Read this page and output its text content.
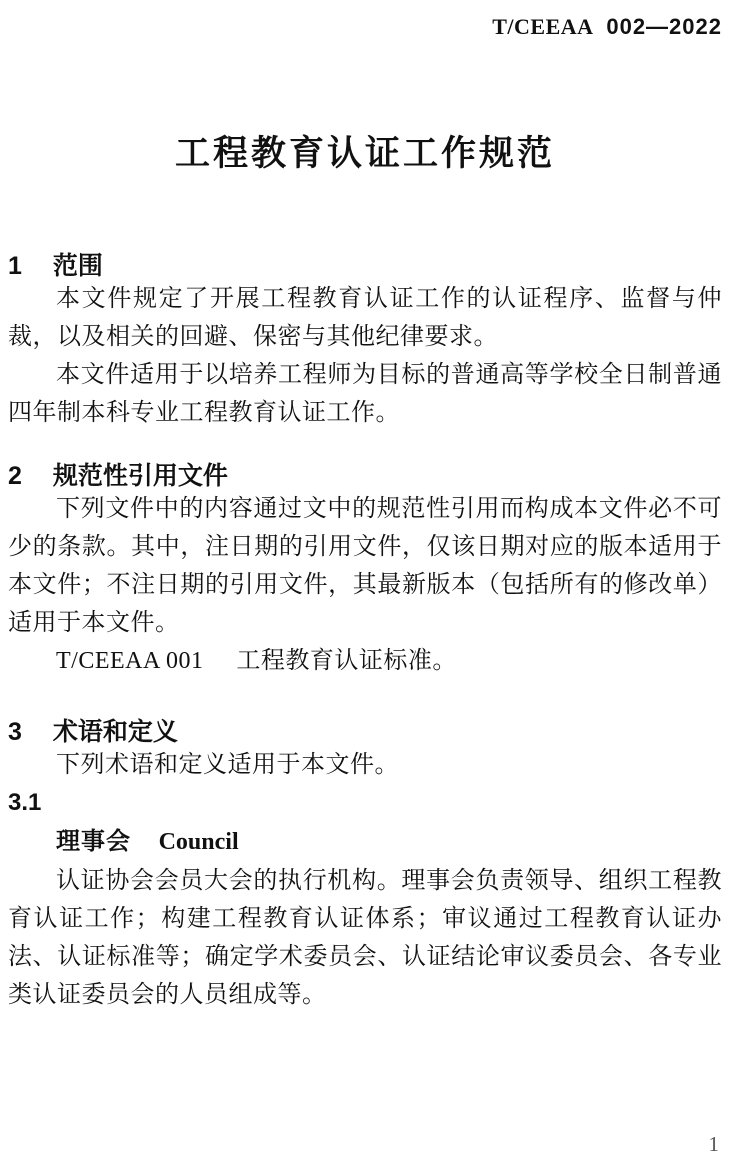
T/CEEAA 002—2022
工程教育认证工作规范
1 范围

本文件规定了开展工程教育认证工作的认证程序、监督与仲裁，以及相关的回避、保密与其他纪律要求。

本文件适用于以培养工程师为目标的普通高等学校全日制普通四年制本科专业工程教育认证工作。

2 规范性引用文件

下列文件中的内容通过文中的规范性引用而构成本文件必不可少的条款。其中，注日期的引用文件，仅该日期对应的版本适用于本文件；不注日期的引用文件，其最新版本（包括所有的修改单）适用于本文件。

T/CEEAA 001 工程教育认证标准。

3 术语和定义

下列术语和定义适用于本文件。

3.1
理事会 Council

认证协会会员大会的执行机构。理事会负责领导、组织工程教育认证工作；构建工程教育认证体系；审议通过工程教育认证办法、认证标准等；确定学术委员会、认证结论审议委员会、各专业类认证委员会的人员组成等。

1
